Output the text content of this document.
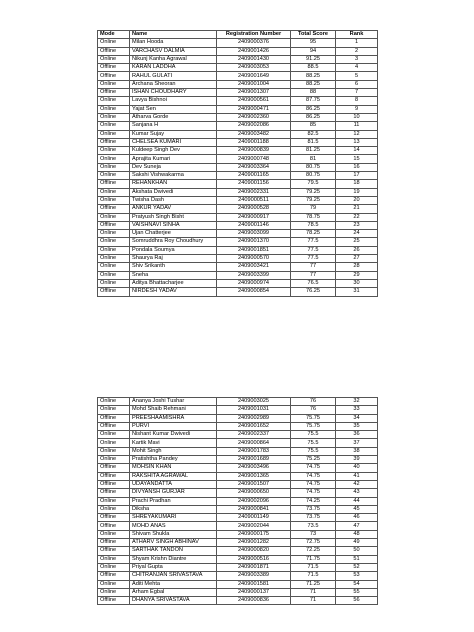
Mode	Name	Registration Number	Total Score	Rank
Online	Milan Hooda	2409000376	95	1
Offline	VARCHASV DALMIA	2409001426	94	2
Online	Nikunj Kanha Agrawal	2409001430	91.25	3
Offline	KARAN LADDHA	2409003053	88.5	4
Offline	RAHUL GULATI	2409001649	88.25	5
Online	Archana Sheoran	2409001004	88.25	6
Offline	ISHAN CHOUDHARY	2409001307	88	7
Online	Lavya Bishnoi	2409000561	87.75	8
Online	Yajat Sen	2409000471	86.25	9
Online	Atharva Gorde	2409002360	86.25	10
Online	Sanjana H	2409002086	85	11
Online	Kumar Sujay	2409003482	82.5	12
Offline	CHELSEA KUMARI	2409001188	81.5	13
Online	Kuldeep Singh Dev	2409000839	81.25	14
Online	Aprajita Kumari	2409000748	81	15
Online	Dev Suneja	2409003364	80.75	16
Online	Sakshi Vishwakarma	2409001165	80.75	17
Offline	REHANKHAN	2409001156	79.5	18
Online	Akshata Dwivedi	2409002331	79.25	19
Online	Twisha Dash	2409000511	79.25	20
Offline	ANKUR YADAV	2409000528	79	21
Online	Pratyush Singh Bisht	2409000917	78.75	22
Offline	VAISHNAVI SINHA	2409001146	78.5	23
Online	Ujan Chatterjee	2409003099	78.25	24
Online	Somruddhra Roy Choudhury	2409001370	77.5	25
Online	Pondala Soumya	2409001851	77.5	26
Online	Shaurya Raj	2409000570	77.5	27
Online	Shiv Srikanth	2409003421	77	28
Online	Sneha	2409003399	77	29
Online	Aditya Bhattacharjee	2409000974	76.5	30
Offline	NIRDESH YADAV	2409000854	76.25	31
Online	Ananya Joshi Tushar	2409003025	76	32
Online	Mohd Shaib Rehmani	2409001031	76	33
Offline	PREESHAAMISHRA	2409002989	75.75	34
Offline	PURVI	2409001652	75.75	35
Online	Nishant Kumar Dwivedi	2409002337	75.5	36
Online	Kartik Mavi	2409000864	75.5	37
Online	Mohit Singh	2409001783	75.5	38
Online	Pratishtha Pandey	2409001689	75.25	39
Offline	MOHSIN KHAN	2409003496	74.75	40
Offline	RAKSHITA AGRAWAL	2409001365	74.75	41
Offline	UDAYANDATTA	2409001507	74.75	42
Offline	DIVYANSH GURJAR	2409000650	74.75	43
Online	Prachi Pradhan	2409002096	74.25	44
Online	Diksha	2409000841	73.75	45
Offline	SHREYAKUMARI	2409001149	73.75	46
Offline	MOHD ANAS	2409002044	73.5	47
Online	Shivam Shukla	2409000175	73	48
Offline	ATHARV SINGH ABHINAV	2409001282	72.75	49
Offline	SARTHAK TANDON	2409000820	72.25	50
Online	Shyam Krishn Diantre	2409000516	71.75	51
Online	Priyal Gupta	2409001871	71.5	52
Offline	CHITRANJAN SRIVASTAVA	2409003389	71.5	53
Online	Aditi Mehta	2409001581	71.25	54
Online	Arham Egbal	2409000137	71	55
Offline	DHANYA SRIVASTAVA	2409000836	71	56
